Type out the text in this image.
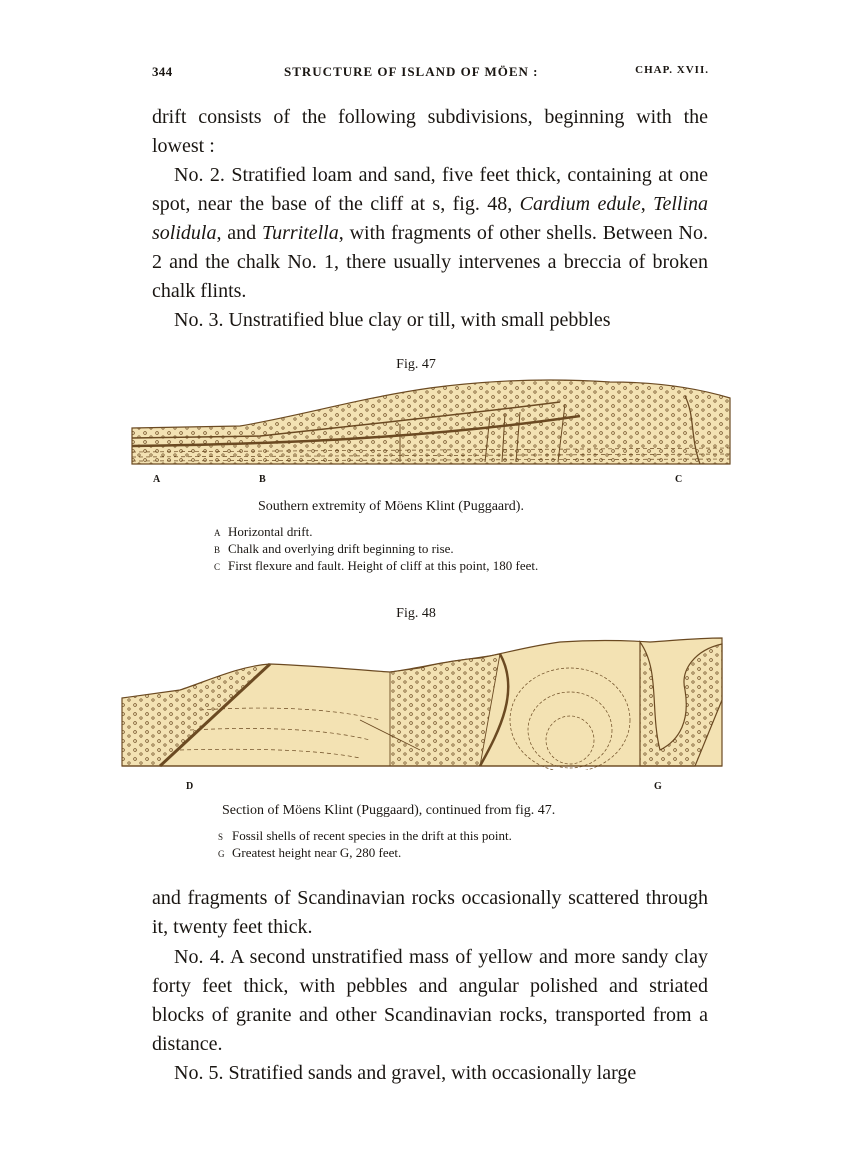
344	STRUCTURE OF ISLAND OF MÖEN :	CHAP. XVII.

drift consists of the following subdivisions, beginning with the lowest :

No. 2. Stratified loam and sand, five feet thick, containing at one spot, near the base of the cliff at s, fig. 48, Cardium edule, Tellina solidula, and Turritella, with fragments of other shells. Between No. 2 and the chalk No. 1, there usually intervenes a breccia of broken chalk flints.

No. 3. Unstratified blue clay or till, with small pebbles

Fig. 47
A	B	C
Southern extremity of Möens Klint (Puggaard).
A Horizontal drift.
B Chalk and overlying drift beginning to rise.
C First flexure and fault. Height of cliff at this point, 180 feet.
Fig. 48
D	G
Section of Möens Klint (Puggaard), continued from fig. 47.
S Fossil shells of recent species in the drift at this point.
G Greatest height near G, 280 feet.

and fragments of Scandinavian rocks occasionally scattered through it, twenty feet thick.

No. 4. A second unstratified mass of yellow and more sandy clay forty feet thick, with pebbles and angular polished and striated blocks of granite and other Scandinavian rocks, transported from a distance.

No. 5. Stratified sands and gravel, with occasionally large
